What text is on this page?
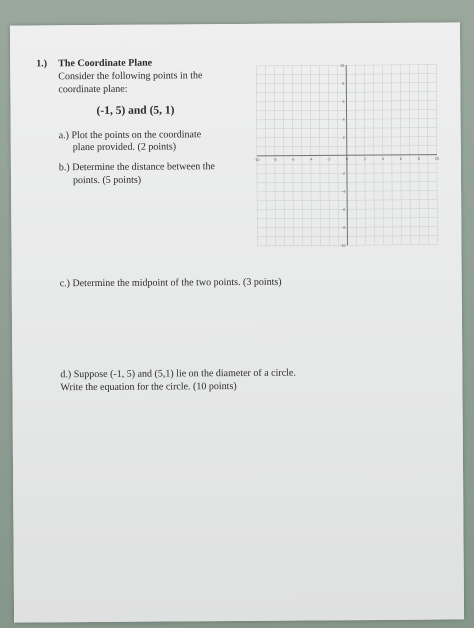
1.) The Coordinate Plane
Consider the following points in the
coordinate plane:
(-1, 5) and (5, 1)
a.) Plot the points on the coordinate
plane provided. (2 points)
b.) Determine the distance between the
points. (5 points)
c.) Determine the midpoint of the two points. (3 points)
d.) Suppose (-1, 5) and (5,1) lie on the diameter of a circle.
Write the equation for the circle. (10 points)
-10	-8	-6	-4	-2	0	2	4	6	8	10
10
8
6
4
2
-2
-4
-6
-8
-10
